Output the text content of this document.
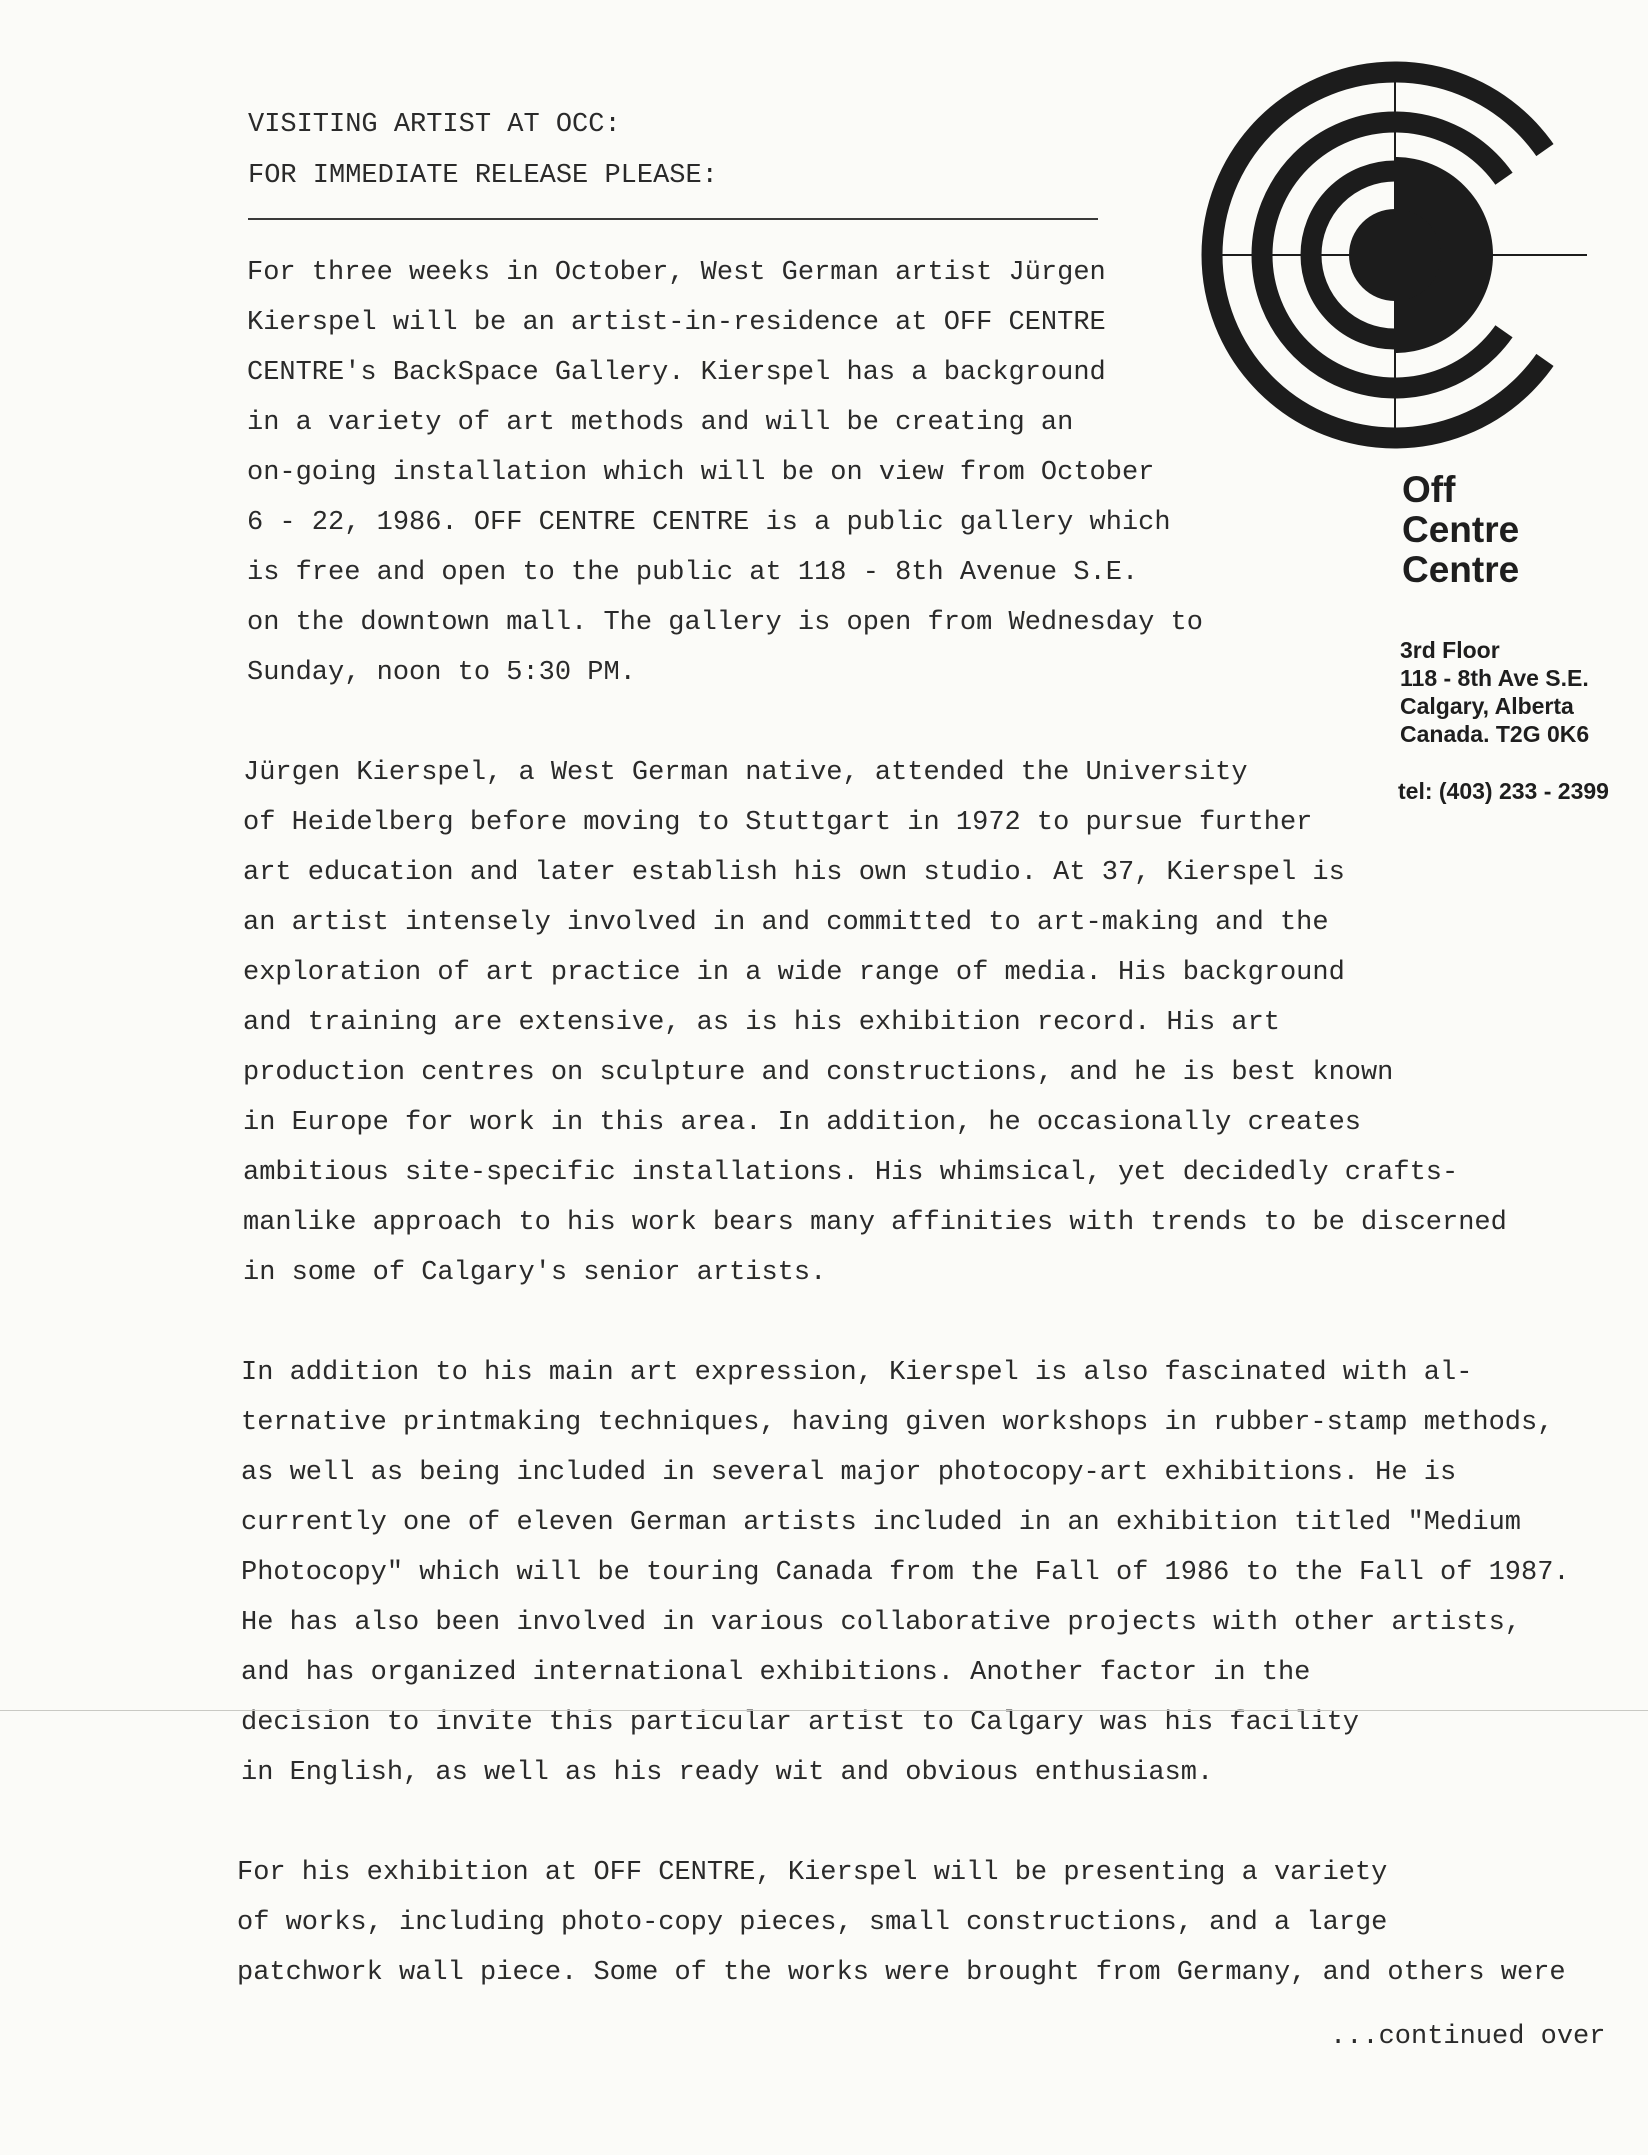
VISITING ARTIST AT OCC:
FOR IMMEDIATE RELEASE PLEASE:
Off
Centre
Centre
3rd Floor
118 - 8th Ave S.E.
Calgary, Alberta
Canada. T2G 0K6
tel: (403) 233 - 2399
For three weeks in October, West German artist Jürgen
Kierspel will be an artist-in-residence at OFF CENTRE
CENTRE's BackSpace Gallery. Kierspel has a background
in a variety of art methods and will be creating an
on-going installation which will be on view from October
6 - 22, 1986. OFF CENTRE CENTRE is a public gallery which
is free and open to the public at 118 - 8th Avenue S.E.
on the downtown mall. The gallery is open from Wednesday to
Sunday, noon to 5:30 PM.
Jürgen Kierspel, a West German native, attended the University
of Heidelberg before moving to Stuttgart in 1972 to pursue further
art education and later establish his own studio. At 37, Kierspel is
an artist intensely involved in and committed to art-making and the
exploration of art practice in a wide range of media. His background
and training are extensive, as is his exhibition record. His art
production centres on sculpture and constructions, and he is best known
in Europe for work in this area. In addition, he occasionally creates
ambitious site-specific installations. His whimsical, yet decidedly crafts-
manlike approach to his work bears many affinities with trends to be discerned
in some of Calgary's senior artists.
In addition to his main art expression, Kierspel is also fascinated with al-
ternative printmaking techniques, having given workshops in rubber-stamp methods,
as well as being included in several major photocopy-art exhibitions. He is
currently one of eleven German artists included in an exhibition titled "Medium
Photocopy" which will be touring Canada from the Fall of 1986 to the Fall of 1987.
He has also been involved in various collaborative projects with other artists,
and has organized international exhibitions. Another factor in the
decision to invite this particular artist to Calgary was his facility
in English, as well as his ready wit and obvious enthusiasm.
For his exhibition at OFF CENTRE, Kierspel will be presenting a variety
of works, including photo-copy pieces, small constructions, and a large
patchwork wall piece. Some of the works were brought from Germany, and others were
...continued over
